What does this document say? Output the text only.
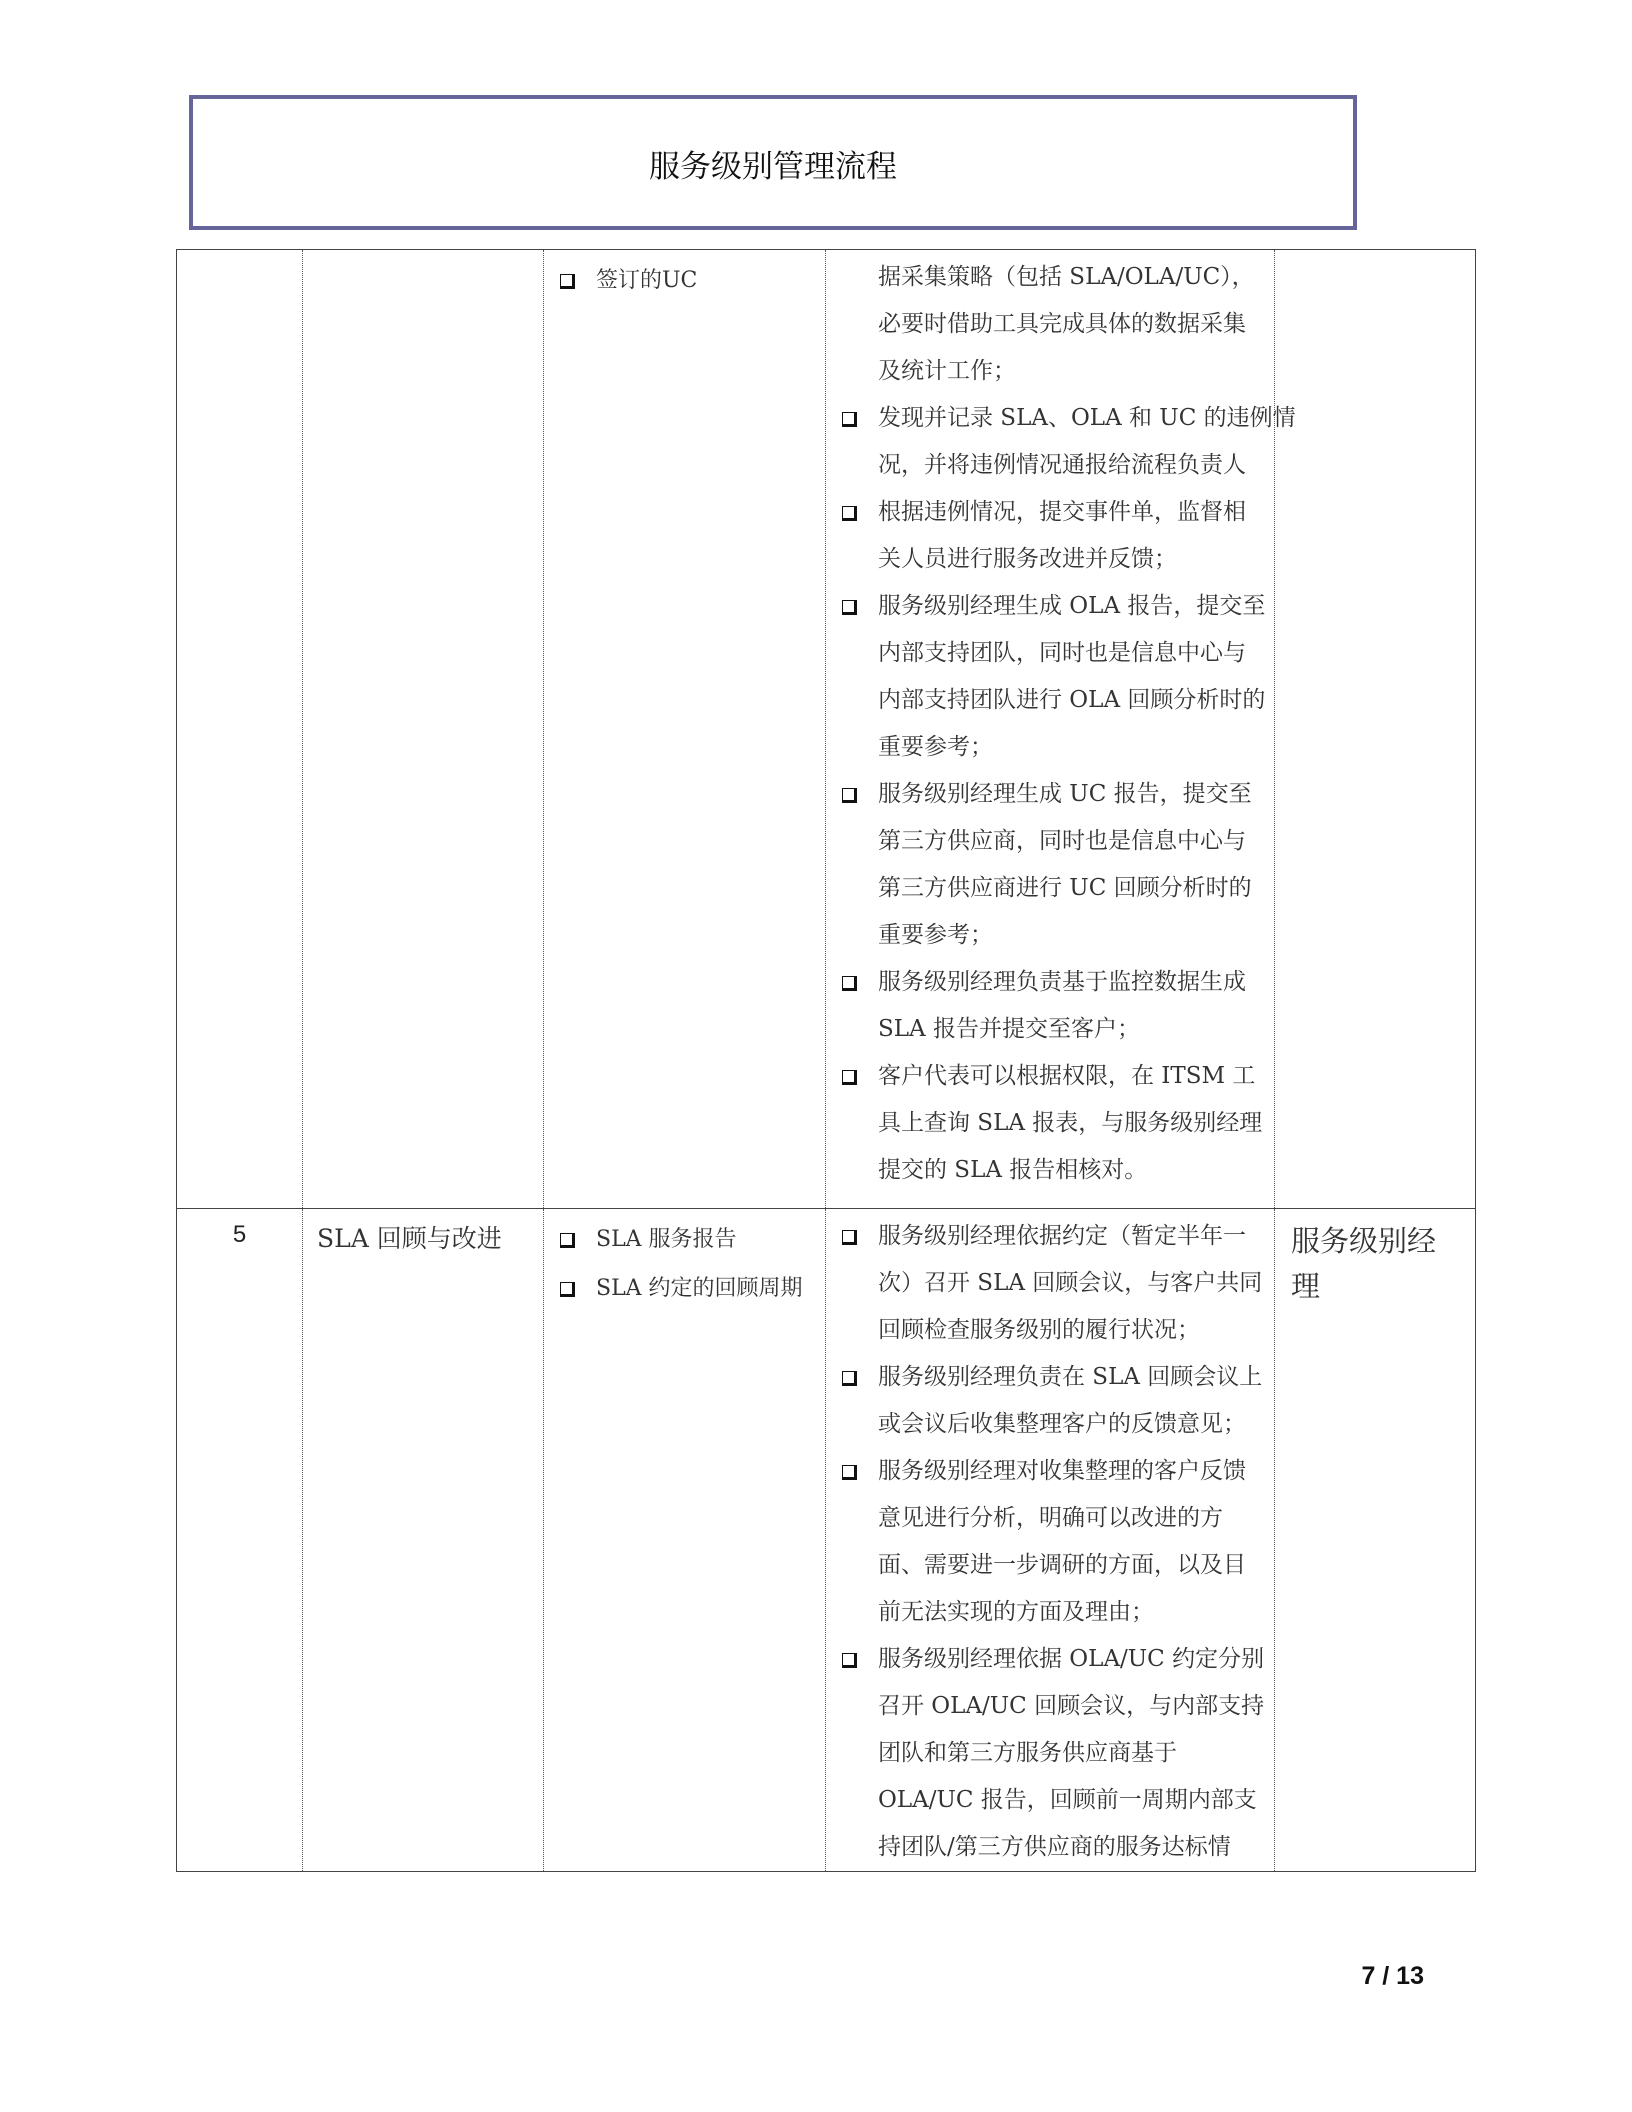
服务级别管理流程

签订的UC	据采集策略（包括 SLA/OLA/UC），
必要时借助工具完成具体的数据采集
及统计工作；
发现并记录 SLA、OLA 和 UC 的违例情
况，并将违例情况通报给流程负责人
根据违例情况，提交事件单，监督相
关人员进行服务改进并反馈；
服务级别经理生成 OLA 报告，提交至
内部支持团队，同时也是信息中心与
内部支持团队进行 OLA 回顾分析时的
重要参考；
服务级别经理生成 UC 报告，提交至
第三方供应商，同时也是信息中心与
第三方供应商进行 UC 回顾分析时的
重要参考；
服务级别经理负责基于监控数据生成
SLA 报告并提交至客户；
客户代表可以根据权限，在 ITSM 工
具上查询 SLA 报表，与服务级别经理
提交的 SLA 报告相核对。

5	SLA 回顾与改进	SLA 服务报告
SLA 约定的回顾周期

服务级别经理依据约定（暂定半年一
次）召开 SLA 回顾会议，与客户共同
回顾检查服务级别的履行状况；
服务级别经理负责在 SLA 回顾会议上
或会议后收集整理客户的反馈意见；
服务级别经理对收集整理的客户反馈
意见进行分析，明确可以改进的方
面、需要进一步调研的方面，以及目
前无法实现的方面及理由；
服务级别经理依据 OLA/UC 约定分别
召开 OLA/UC 回顾会议，与内部支持
团队和第三方服务供应商基于
OLA/UC 报告，回顾前一周期内部支
持团队/第三方供应商的服务达标情

服务级别经
理
7 / 13
